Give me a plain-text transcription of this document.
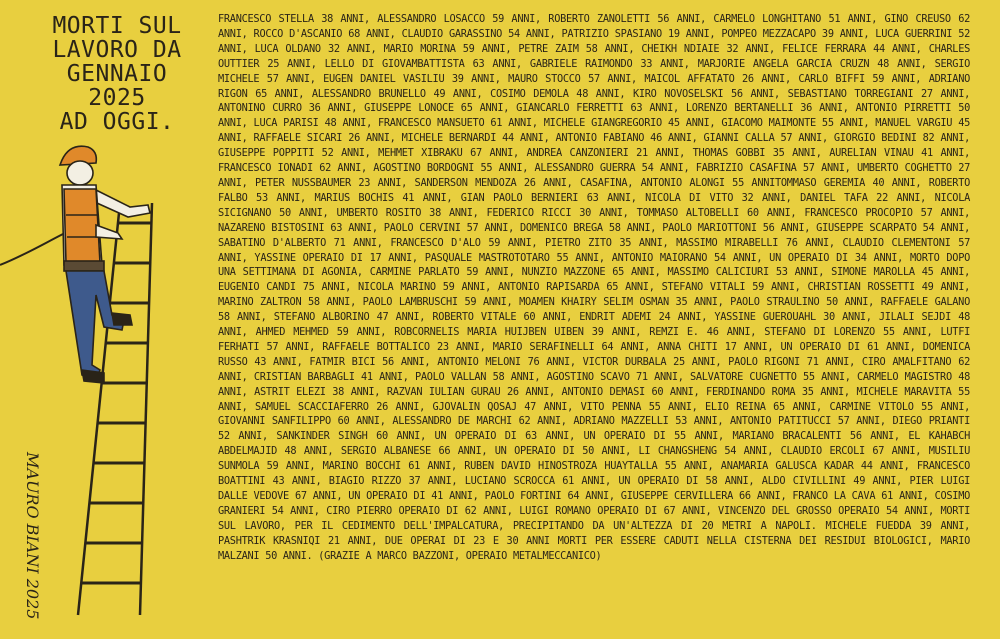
MORTI SUL
LAVORO DA
GENNAIO 2025
AD OGGI.
MAURO BIANI 2025
FRANCESCO STELLA 38 ANNI, ALESSANDRO LOSACCO 59 ANNI, ROBERTO ZANOLETTI 56 ANNI, CARMELO LONGHITANO 51 ANNI, GINO CREUSO 62 ANNI, ROCCO D'ASCANIO 68 ANNI, CLAUDIO GARASSINO 54 ANNI, PATRIZIO SPASIANO 19 ANNI, POMPEO MEZZACAPO 39 ANNI, LUCA GUERRINI 52 ANNI, LUCA OLDANO 32 ANNI, MARIO MORINA 59 ANNI, PETRE ZAIM 58 ANNI, CHEIKH NDIAIE 32 ANNI, FELICE FERRARA 44 ANNI, CHARLES OUTTIER 25 ANNI, LELLO DI GIOVAMBATTISTA 63 ANNI, GABRIELE RAIMONDO 33 ANNI, MARJORIE ANGELA GARCIA CRUZN 48 ANNI, SERGIO MICHELE 57 ANNI, EUGEN DANIEL VASILIU 39 ANNI, MAURO STOCCO 57 ANNI, MAICOL AFFATATO 26 ANNI, CARLO BIFFI 59 ANNI, ADRIANO RIGON 65 ANNI, ALESSANDRO BRUNELLO 49 ANNI, COSIMO DEMOLA 48 ANNI, KIRO NOVOSELSKI 56 ANNI, SEBASTIANO TORREGIANI 27 ANNI, ANTONINO CURRO 36 ANNI, GIUSEPPE LONOCE 65 ANNI, GIANCARLO FERRETTI 63 ANNI, LORENZO BERTANELLI 36 ANNI, ANTONIO PIRRETTI 50 ANNI, LUCA PARISI 48 ANNI, FRANCESCO MANSUETO 61 ANNI, MICHELE GIANGREGORIO 45 ANNI, GIACOMO MAIMONTE 55 ANNI, MANUEL VARGIU 45 ANNI, RAFFAELE SICARI 26 ANNI, MICHELE BERNARDI 44 ANNI, ANTONIO FABIANO 46 ANNI, GIANNI CALLA 57 ANNI, GIORGIO BEDINI 82 ANNI, GIUSEPPE POPPITI 52 ANNI, MEHMET XIBRAKU 67 ANNI, ANDREA CANZONIERI 21 ANNI, THOMAS GOBBI 35 ANNI, AURELIAN VINAU 41 ANNI, FRANCESCO IONADI 62 ANNI, AGOSTINO BORDOGNI 55 ANNI, ALESSANDRO GUERRA 54 ANNI, FABRIZIO CASAFINA 57 ANNI, UMBERTO COGHETTO 27 ANNI, PETER NUSSBAUMER 23 ANNI, SANDERSON MENDOZA 26 ANNI, CASAFINA, ANTONIO ALONGI 55 ANNITOMMASO GEREMIA 40 ANNI, ROBERTO FALBO 53 ANNI, MARIUS BOCHIS 41 ANNI, GIAN PAOLO BERNIERI 63 ANNI, NICOLA DI VITO 32 ANNI, DANIEL TAFA 22 ANNI, NICOLA SICIGNANO 50 ANNI, UMBERTO ROSITO 38 ANNI, FEDERICO RICCI 30 ANNI, TOMMASO ALTOBELLI 60 ANNI, FRANCESCO PROCOPIO 57 ANNI, NAZARENO BISTOSINI 63 ANNI, PAOLO CERVINI 57 ANNI, DOMENICO BREGA 58 ANNI, PAOLO MARIOTTONI 56 ANNI, GIUSEPPE SCARPATO 54 ANNI, SABATINO D'ALBERTO 71 ANNI, FRANCESCO D'ALO 59 ANNI, PIETRO ZITO 35 ANNI, MASSIMO MIRABELLI 76 ANNI, CLAUDIO CLEMENTONI 57 ANNI, YASSINE OPERAIO DI 17 ANNI, PASQUALE MASTROTOTARO 55 ANNI, ANTONIO MAIORANO 54 ANNI, UN OPERAIO DI 34 ANNI, MORTO DOPO UNA SETTIMANA DI AGONIA, CARMINE PARLATO 59 ANNI, NUNZIO MAZZONE 65 ANNI, MASSIMO CALICIURI 53 ANNI, SIMONE MAROLLA 45 ANNI, EUGENIO CANDI 75 ANNI, NICOLA MARINO 59 ANNI, ANTONIO RAPISARDA 65 ANNI, STEFANO VITALI 59 ANNI, CHRISTIAN ROSSETTI 49 ANNI, MARINO ZALTRON 58 ANNI, PAOLO LAMBRUSCHI 59 ANNI, MOAMEN KHAIRY SELIM OSMAN 35 ANNI, PAOLO STRAULINO 50 ANNI, RAFFAELE GALANO 58 ANNI, STEFANO ALBORINO 47 ANNI, ROBERTO VITALE 60 ANNI, ENDRIT ADEMI 24 ANNI, YASSINE GUEROUAHL 30 ANNI, JILALI SEJDI 48 ANNI, AHMED MEHMED 59 ANNI, ROBCORNELIS MARIA HUIJBEN UIBEN 39 ANNI, REMZI E. 46 ANNI, STEFANO DI LORENZO 55 ANNI, LUTFI FERHATI 57 ANNI, RAFFAELE BOTTALICO 23 ANNI, MARIO SERAFINELLI 64 ANNI, ANNA CHITI 17 ANNI, UN OPERAIO DI 61 ANNI, DOMENICA RUSSO 43 ANNI, FATMIR BICI 56 ANNI, ANTONIO MELONI 76 ANNI, VICTOR DURBALA 25 ANNI, PAOLO RIGONI 71 ANNI, CIRO AMALFITANO 62 ANNI, CRISTIAN BARBAGLI 41 ANNI, PAOLO VALLAN 58 ANNI, AGOSTINO SCAVO 71 ANNI, SALVATORE CUGNETTO 55 ANNI, CARMELO MAGISTRO 48 ANNI, ASTRIT ELEZI 38 ANNI, RAZVAN IULIAN GURAU 26 ANNI, ANTONIO DEMASI 60 ANNI, FERDINANDO ROMA 35 ANNI, MICHELE MARAVITA 55 ANNI, SAMUEL SCACCIAFERRO 26 ANNI, GJOVALIN QOSAJ 47 ANNI, VITO PENNA 55 ANNI, ELIO REINA 65 ANNI, CARMINE VITOLO 55 ANNI, GIOVANNI SANFILIPPO 60 ANNI, ALESSANDRO DE MARCHI 62 ANNI, ADRIANO MAZZELLI 53 ANNI, ANTONIO PATITUCCI 57 ANNI, DIEGO PRIANTI 52 ANNI, SANKINDER SINGH 60 ANNI, UN OPERAIO DI 63 ANNI, UN OPERAIO DI 55 ANNI, MARIANO BRACALENTI 56 ANNI, EL KAHABCH ABDELMAJID 48 ANNI, SERGIO ALBANESE 66 ANNI, UN OPERAIO DI 50 ANNI, LI CHANGSHENG 54 ANNI, CLAUDIO ERCOLI 67 ANNI, MUSILIU SUNMOLA 59 ANNI, MARINO BOCCHI 61 ANNI, RUBEN DAVID HINOSTROZA HUAYTALLA 55 ANNI, ANAMARIA GALUSCA KADAR 44 ANNI, FRANCESCO BOATTINI 43 ANNI, BIAGIO RIZZO 37 ANNI, LUCIANO SCROCCA 61 ANNI, UN OPERAIO DI 58 ANNI, ALDO CIVILLINI 49 ANNI, PIER LUIGI DALLE VEDOVE 67 ANNI, UN OPERAIO DI 41 ANNI, PAOLO FORTINI 64 ANNI, GIUSEPPE CERVILLERA 66 ANNI, FRANCO LA CAVA 61 ANNI, COSIMO GRANIERI 54 ANNI, CIRO PIERRO OPERAIO DI 62 ANNI, LUIGI ROMANO OPERAIO DI 67 ANNI, VINCENZO DEL GROSSO OPERAIO 54 ANNI, MORTI SUL LAVORO, PER IL CEDIMENTO DELL'IMPALCATURA, PRECIPITANDO DA UN'ALTEZZA DI 20 METRI A NAPOLI. MICHELE FUEDDA 39 ANNI, PASHTRIK KRASNIQI 21 ANNI, DUE OPERAI DI 23 E 30 ANNI MORTI PER ESSERE CADUTI NELLA CISTERNA DEI RESIDUI BIOLOGICI, MARIO MALZANI 50 ANNI. (GRAZIE A MARCO BAZZONI, OPERAIO METALMECCANICO)
